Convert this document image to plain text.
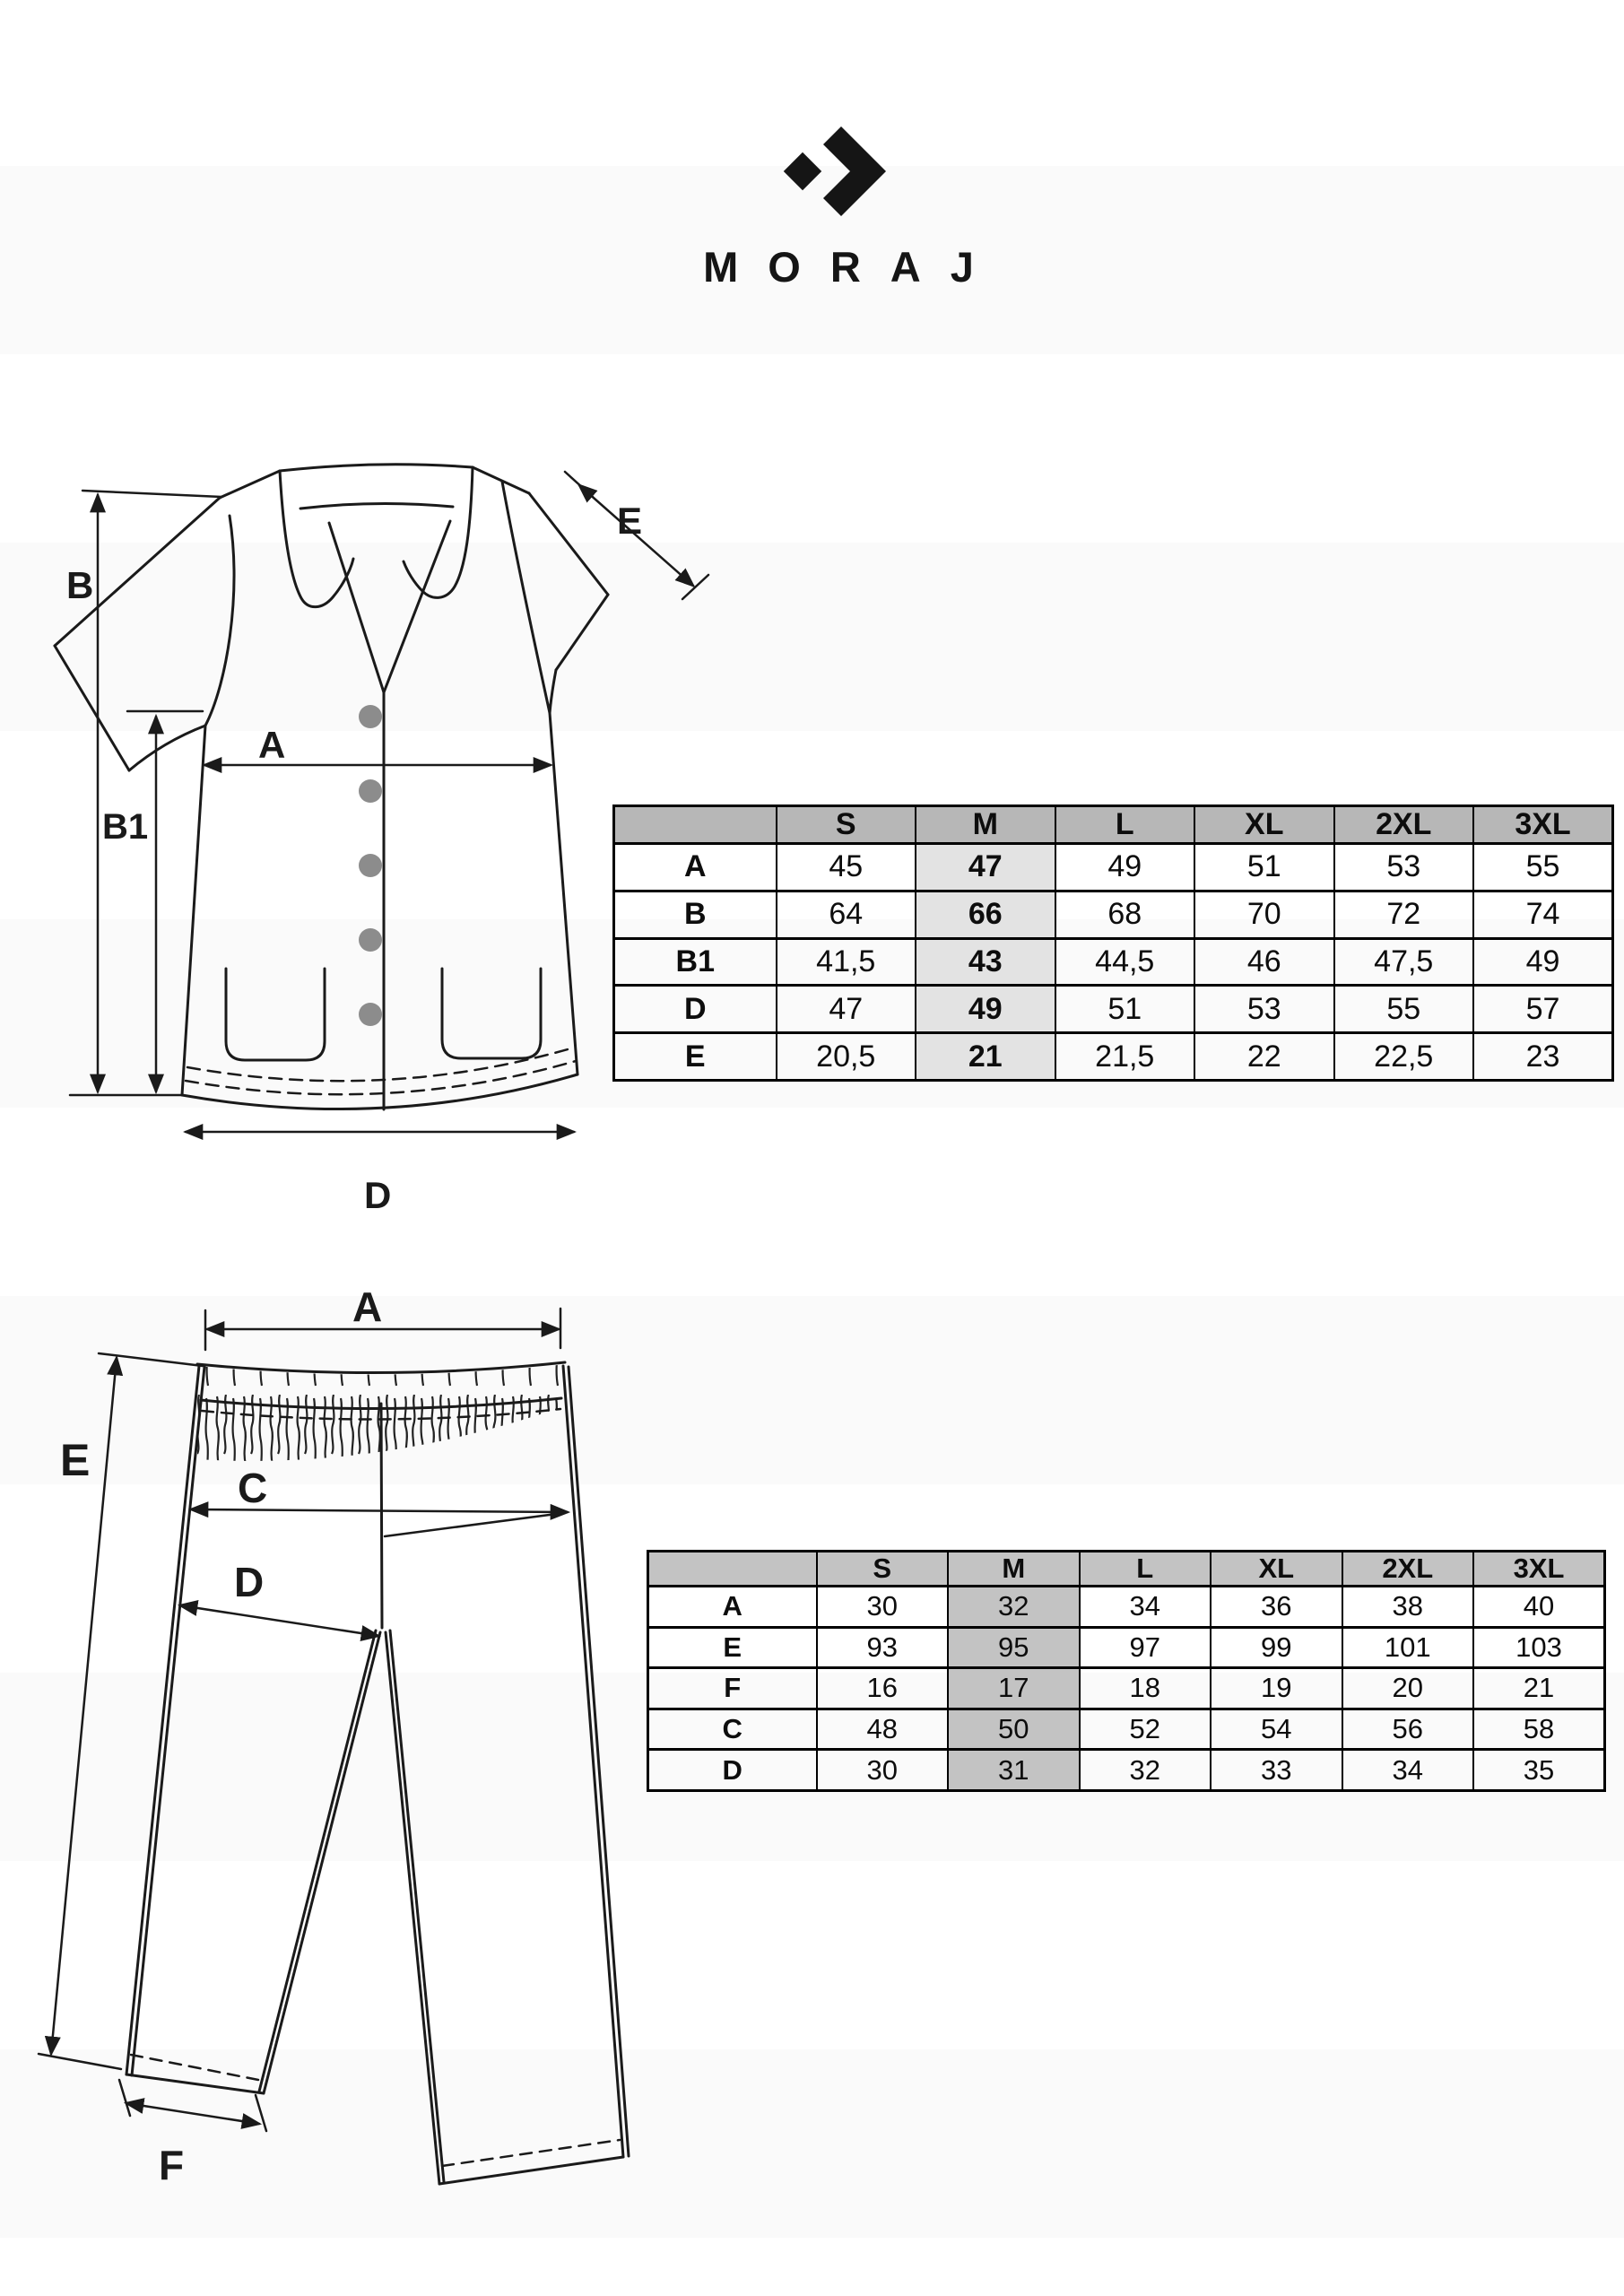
MORAJ
B
B1
A
E
D
A
E
C
D
F
	S	M	L	XL	2XL	3XL
A	45	47	49	51	53	55
B	64	66	68	70	72	74
B1	41,5	43	44,5	46	47,5	49
D	47	49	51	53	55	57
E	20,5	21	21,5	22	22,5	23
	S	M	L	XL	2XL	3XL
A	30	32	34	36	38	40
E	93	95	97	99	101	103
F	16	17	18	19	20	21
C	48	50	52	54	56	58
D	30	31	32	33	34	35
